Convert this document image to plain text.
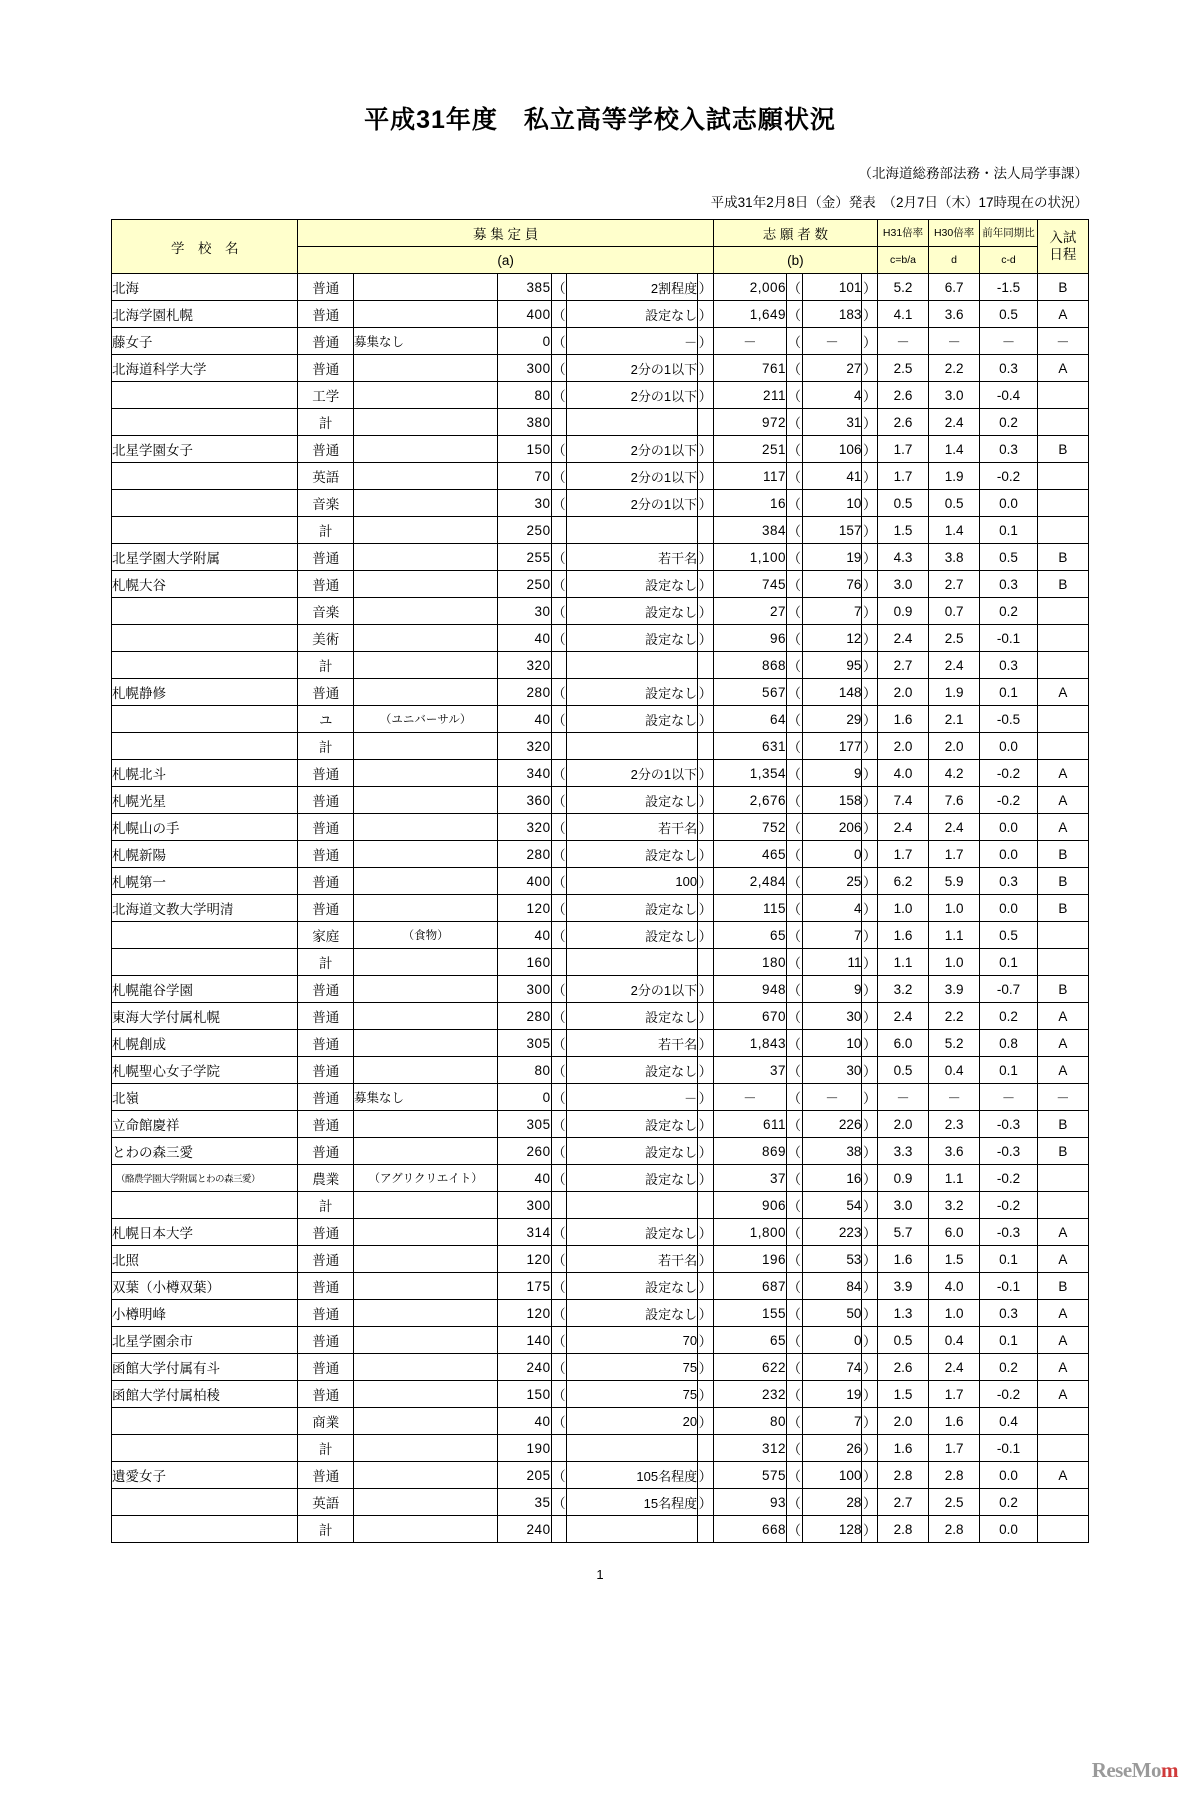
平成31年度　私立高等学校入試志願状況
（北海道総務部法務・法人局学事課）
平成31年2月8日（金）発表　（2月7日（木）17時現在の状況）
学　校　名	募 集 定 員						志 願 者 数				H31倍率	H30倍率	前年同期比	入試
日程

	(a)						(b)				c=b/a	d	c-d	
北海	普通		385	（	2割程度	）	2,006	（	101	）	5.2	6.7	-1.5	B
北海学園札幌	普通		400	（	設定なし	）	1,649	（	183	）	4.1	3.6	0.5	A
藤女子	普通	募集なし	0	（	－	）	－	（	－	）	－	－	－	－
北海道科学大学	普通		300	（	2分の1以下	）	761	（	27	）	2.5	2.2	0.3	A
	工学		80	（	2分の1以下	）	211	（	4	）	2.6	3.0	-0.4	
	計		380				972	（	31	）	2.6	2.4	0.2	
北星学園女子	普通		150	（	2分の1以下	）	251	（	106	）	1.7	1.4	0.3	B
	英語		70	（	2分の1以下	）	117	（	41	）	1.7	1.9	-0.2	
	音楽		30	（	2分の1以下	）	16	（	10	）	0.5	0.5	0.0	
	計		250				384	（	157	）	1.5	1.4	0.1	
北星学園大学附属	普通		255	（	若干名	）	1,100	（	19	）	4.3	3.8	0.5	B
札幌大谷	普通		250	（	設定なし	）	745	（	76	）	3.0	2.7	0.3	B
	音楽		30	（	設定なし	）	27	（	7	）	0.9	0.7	0.2	
	美術		40	（	設定なし	）	96	（	12	）	2.4	2.5	-0.1	
	計		320				868	（	95	）	2.7	2.4	0.3	
札幌静修	普通		280	（	設定なし	）	567	（	148	）	2.0	1.9	0.1	A
	ユ	（ユニバーサル）	40	（	設定なし	）	64	（	29	）	1.6	2.1	-0.5	
	計		320				631	（	177	）	2.0	2.0	0.0	
札幌北斗	普通		340	（	2分の1以下	）	1,354	（	9	）	4.0	4.2	-0.2	A
札幌光星	普通		360	（	設定なし	）	2,676	（	158	）	7.4	7.6	-0.2	A
札幌山の手	普通		320	（	若干名	）	752	（	206	）	2.4	2.4	0.0	A
札幌新陽	普通		280	（	設定なし	）	465	（	0	）	1.7	1.7	0.0	B
札幌第一	普通		400	（	100	）	2,484	（	25	）	6.2	5.9	0.3	B
北海道文教大学明清	普通		120	（	設定なし	）	115	（	4	）	1.0	1.0	0.0	B
	家庭	（食物）	40	（	設定なし	）	65	（	7	）	1.6	1.1	0.5	
	計		160				180	（	11	）	1.1	1.0	0.1	
札幌龍谷学園	普通		300	（	2分の1以下	）	948	（	9	）	3.2	3.9	-0.7	B
東海大学付属札幌	普通		280	（	設定なし	）	670	（	30	）	2.4	2.2	0.2	A
札幌創成	普通		305	（	若干名	）	1,843	（	10	）	6.0	5.2	0.8	A
札幌聖心女子学院	普通		80	（	設定なし	）	37	（	30	）	0.5	0.4	0.1	A
北嶺	普通	募集なし	0	（	－	）	－	（	－	）	－	－	－	－
立命館慶祥	普通		305	（	設定なし	）	611	（	226	）	2.0	2.3	-0.3	B
とわの森三愛	普通		260	（	設定なし	）	869	（	38	）	3.3	3.6	-0.3	B
（酪農学園大学附属とわの森三愛）	農業	（アグリクリエイト）	40	（	設定なし	）	37	（	16	）	0.9	1.1	-0.2	
	計		300				906	（	54	）	3.0	3.2	-0.2	
札幌日本大学	普通		314	（	設定なし	）	1,800	（	223	）	5.7	6.0	-0.3	A
北照	普通		120	（	若干名	）	196	（	53	）	1.6	1.5	0.1	A
双葉（小樽双葉）	普通		175	（	設定なし	）	687	（	84	）	3.9	4.0	-0.1	B
小樽明峰	普通		120	（	設定なし	）	155	（	50	）	1.3	1.0	0.3	A
北星学園余市	普通		140	（	70	）	65	（	0	）	0.5	0.4	0.1	A
函館大学付属有斗	普通		240	（	75	）	622	（	74	）	2.6	2.4	0.2	A
函館大学付属柏稜	普通		150	（	75	）	232	（	19	）	1.5	1.7	-0.2	A
	商業		40	（	20	）	80	（	7	）	2.0	1.6	0.4	
	計		190				312	（	26	）	1.6	1.7	-0.1	
遺愛女子	普通		205	（	105名程度	）	575	（	100	）	2.8	2.8	0.0	A
	英語		35	（	15名程度	）	93	（	28	）	2.7	2.5	0.2	
	計		240				668	（	128	）	2.8	2.8	0.0	
1
ReseMom
